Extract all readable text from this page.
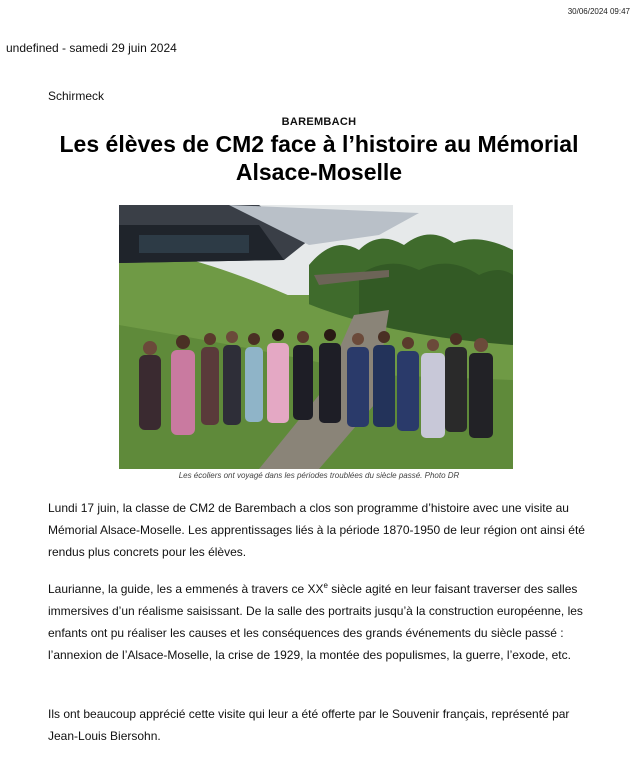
30/06/2024 09:47
undefined - samedi 29 juin 2024
Schirmeck
BAREMBACH
Les élèves de CM2 face à l’histoire au Mémorial Alsace-Moselle
Les écoliers ont voyagé dans les périodes troublées du siècle passé. Photo DR

Lundi 17 juin, la classe de CM2 de Barembach a clos son programme d’histoire avec une visite au Mémorial Alsace-Moselle. Les apprentissages liés à la période 1870-1950 de leur région ont ainsi été rendus plus concrets pour les élèves.

Laurianne, la guide, les a emmenés à travers ce XXe siècle agité en leur faisant traverser des salles immersives d’un réalisme saisissant. De la salle des portraits jusqu’à la construction européenne, les enfants ont pu réaliser les causes et les conséquences des grands événements du siècle passé : l’annexion de l’Alsace-Moselle, la crise de 1929, la montée des populismes, la guerre, l’exode, etc.

Ils ont beaucoup apprécié cette visite qui leur a été offerte par le Souvenir français, représenté par Jean-Louis Biersohn.
